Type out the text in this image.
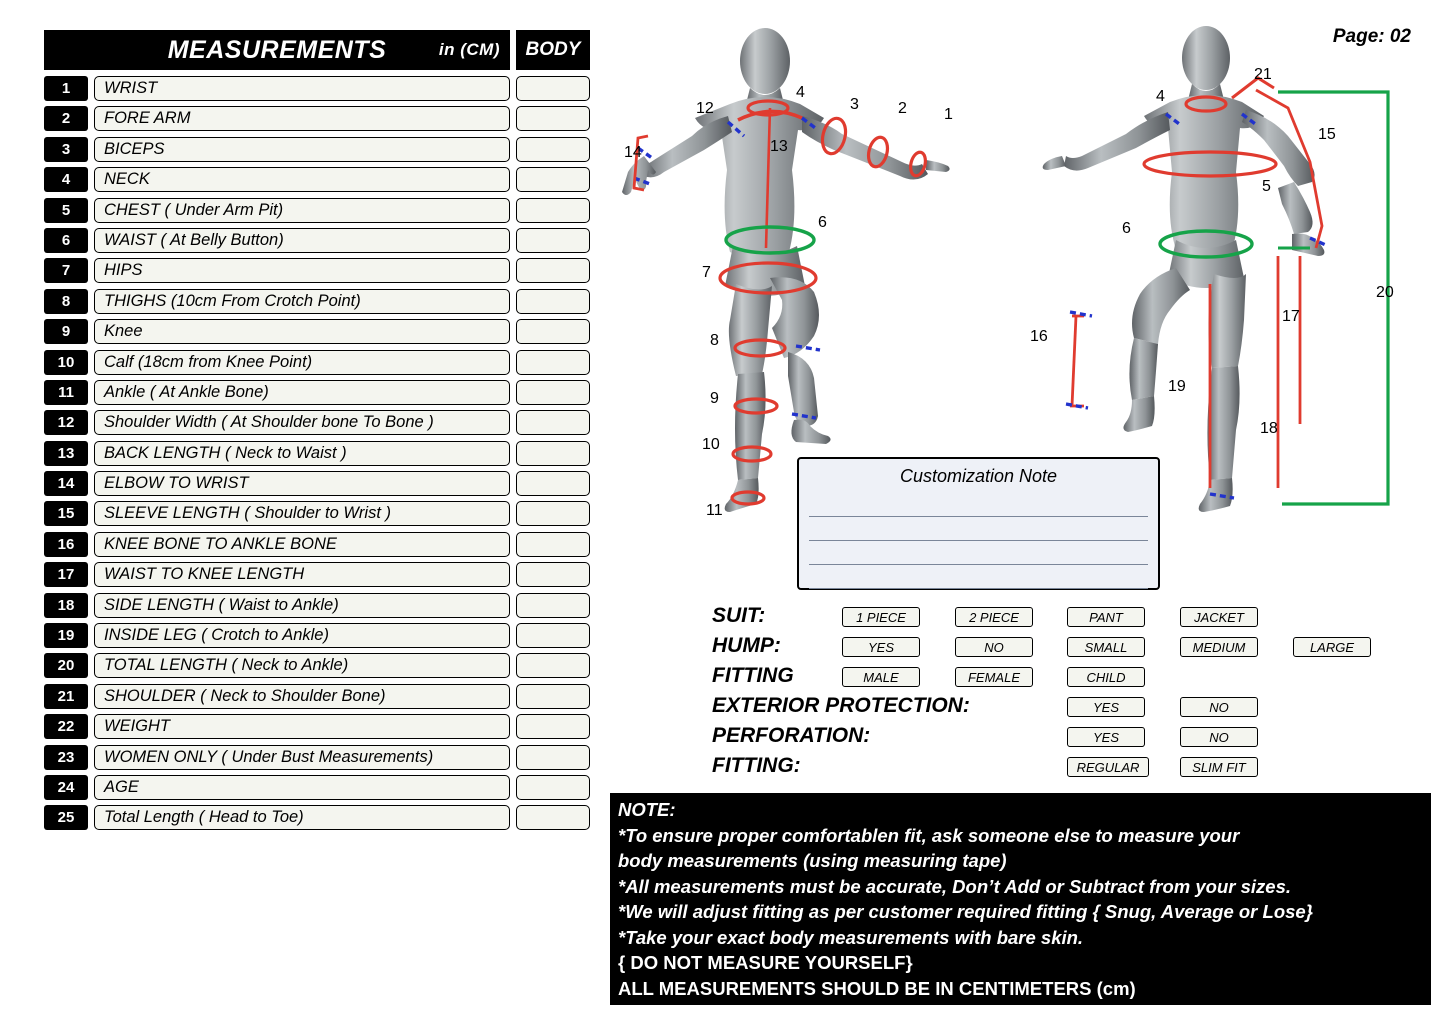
Page: 02
MEASUREMENTS	in (CM)	BODY
1	WRIST
2	FORE ARM
3	BICEPS
4	NECK
5	CHEST ( Under Arm Pit)
6	WAIST ( At Belly Button)
7	HIPS
8	THIGHS (10cm From Crotch Point)
9	Knee
10	Calf (18cm from Knee Point)
11	Ankle ( At Ankle Bone)
12	Shoulder Width ( At Shoulder bone To Bone )
13	BACK LENGTH ( Neck to Waist )
14	ELBOW TO WRIST
15	SLEEVE LENGTH ( Shoulder to Wrist )
16	KNEE BONE TO ANKLE BONE
17	WAIST TO KNEE LENGTH
18	SIDE LENGTH ( Waist to Ankle)
19	INSIDE LEG ( Crotch to Ankle)
20	TOTAL LENGTH ( Neck to Ankle)
21	SHOULDER ( Neck to Shoulder Bone)
22	WEIGHT
23	WOMEN ONLY ( Under Bust Measurements)
24	AGE
25	Total Length ( Head to Toe)
12
4
3 2 1
14	13
6
7
8
9
10
11
4
21
15
5
6
16
17
19
18
20
Customization Note
SUIT:	1 PIECE	2 PIECE	PANT	JACKET
HUMP:	YES	NO	SMALL	MEDIUM	LARGE
FITTING	MALE	FEMALE	CHILD
EXTERIOR PROTECTION:	YES	NO
PERFORATION:	YES	NO
FITTING:	REGULAR	SLIM FIT
NOTE:
*To ensure proper comfortablen fit, ask someone else to measure your
body measurements (using measuring tape)
*All measurements must be accurate, Don’t Add or Subtract from your sizes.
*We will adjust fitting as per customer required fitting { Snug, Average or Lose}
*Take your exact body measurements with bare skin.
{ DO NOT MEASURE YOURSELF}
ALL MEASUREMENTS SHOULD BE IN CENTIMETERS (cm)
